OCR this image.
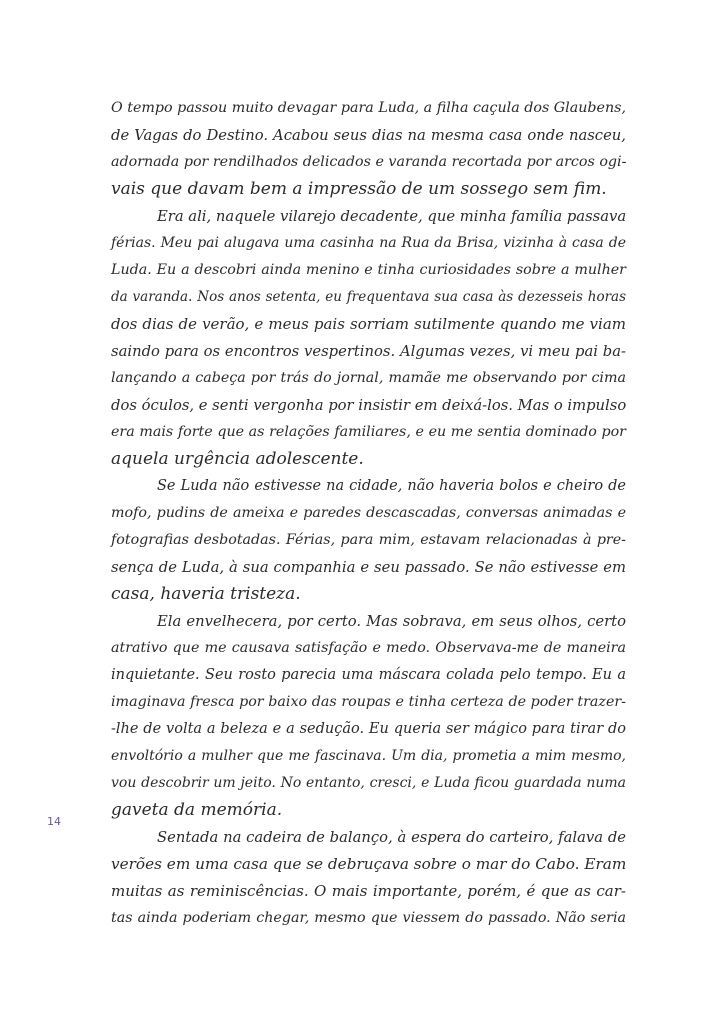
O tempo passou muito devagar para Luda, a filha caçula dos Glaubens,
de Vagas do Destino. Acabou seus dias na mesma casa onde nasceu,
adornada por rendilhados delicados e varanda recortada por arcos ogi-
vais que davam bem a impressão de um sossego sem fim.
Era ali, naquele vilarejo decadente, que minha família passava
férias. Meu pai alugava uma casinha na Rua da Brisa, vizinha à casa de
Luda. Eu a descobri ainda menino e tinha curiosidades sobre a mulher
da varanda. Nos anos setenta, eu frequentava sua casa às dezesseis horas
dos dias de verão, e meus pais sorriam sutilmente quando me viam
saindo para os encontros vespertinos. Algumas vezes, vi meu pai ba-
lançando a cabeça por trás do jornal, mamãe me observando por cima
dos óculos, e senti vergonha por insistir em deixá-los. Mas o impulso
era mais forte que as relações familiares, e eu me sentia dominado por
aquela urgência adolescente.
Se Luda não estivesse na cidade, não haveria bolos e cheiro de
mofo, pudins de ameixa e paredes descascadas, conversas animadas e
fotografias desbotadas. Férias, para mim, estavam relacionadas à pre-
sença de Luda, à sua companhia e seu passado. Se não estivesse em
casa, haveria tristeza.
Ela envelhecera, por certo. Mas sobrava, em seus olhos, certo
atrativo que me causava satisfação e medo. Observava-me de maneira
inquietante. Seu rosto parecia uma máscara colada pelo tempo. Eu a
imaginava fresca por baixo das roupas e tinha certeza de poder trazer-
-lhe de volta a beleza e a sedução. Eu queria ser mágico para tirar do
envoltório a mulher que me fascinava. Um dia, prometia a mim mesmo,
vou descobrir um jeito. No entanto, cresci, e Luda ficou guardada numa
gaveta da memória.
Sentada na cadeira de balanço, à espera do carteiro, falava de
verões em uma casa que se debruçava sobre o mar do Cabo. Eram
muitas as reminiscências. O mais importante, porém, é que as car-
tas ainda poderiam chegar, mesmo que viessem do passado. Não seria
14
